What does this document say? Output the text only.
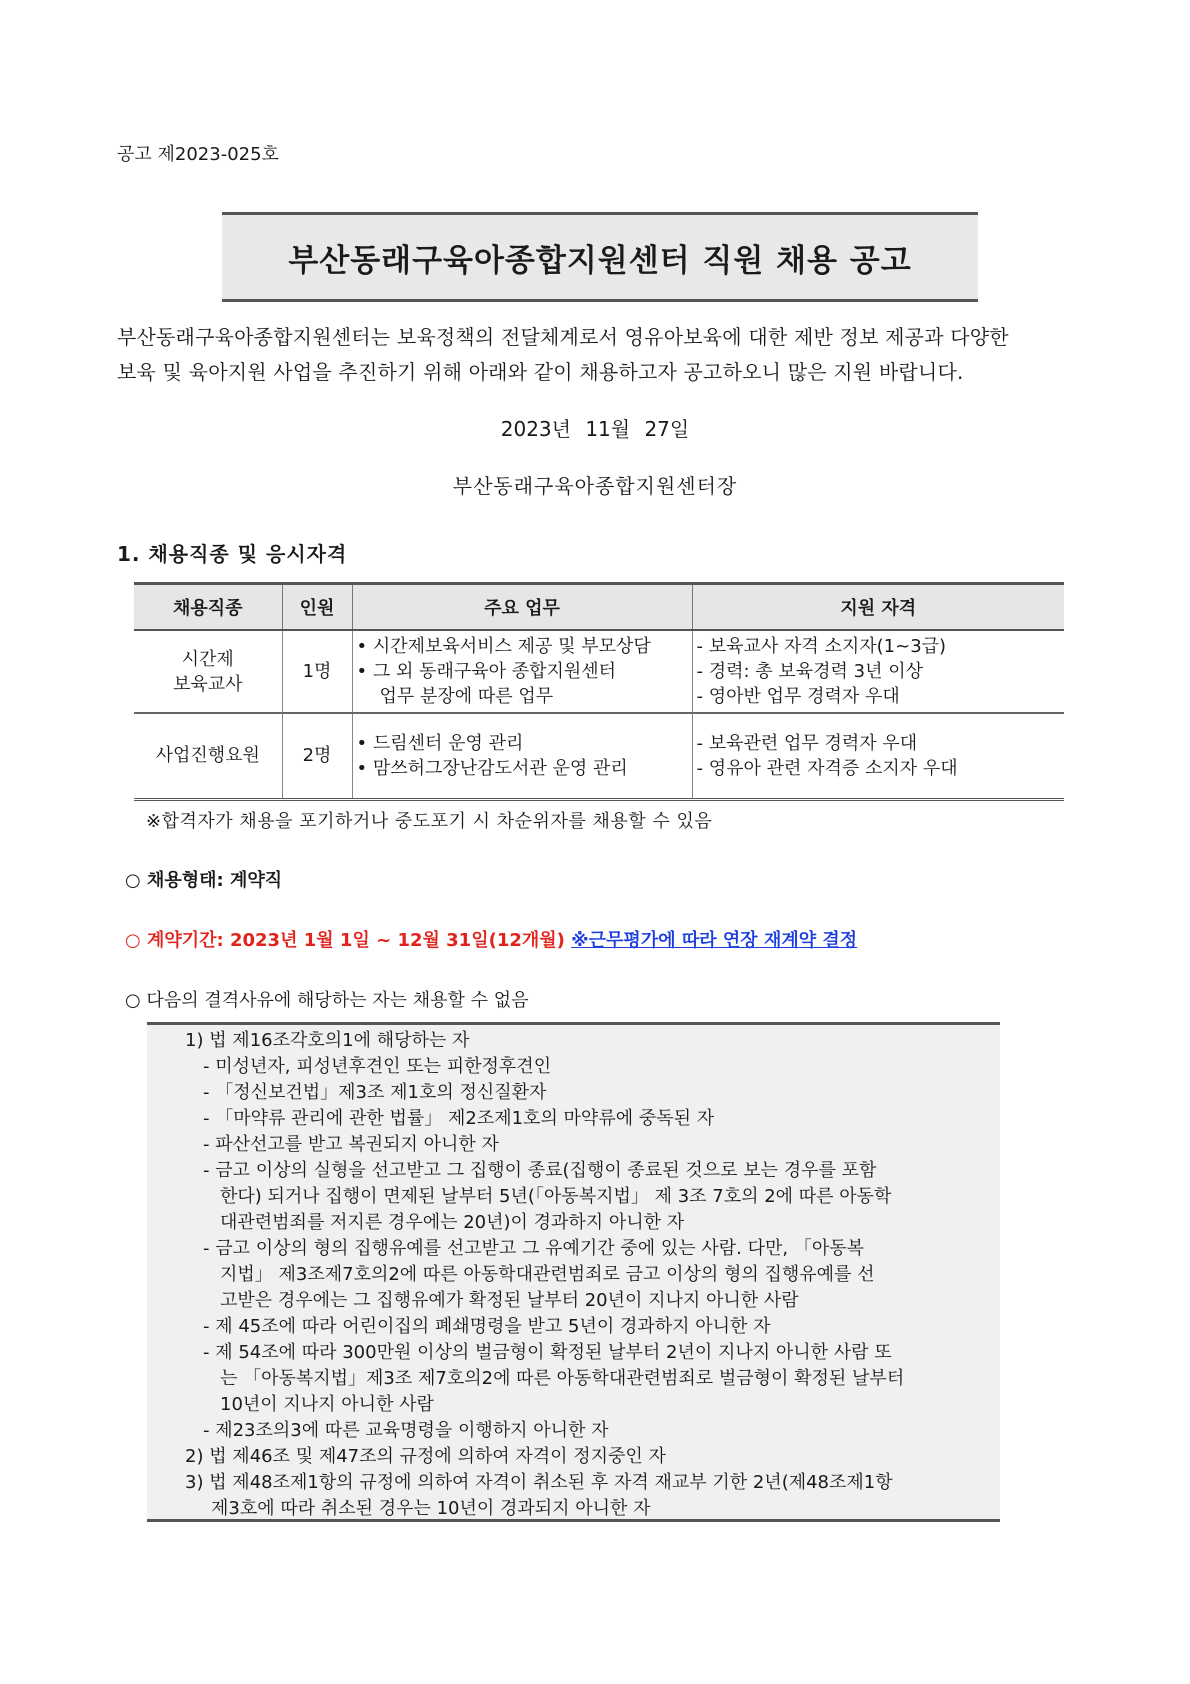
공고 제2023-025호
부산동래구육아종합지원센터 직원 채용 공고
부산동래구육아종합지원센터는 보육정책의 전달체계로서 영유아보육에 대한 제반 정보 제공과 다양한
보육 및 육아지원 사업을 추진하기 위해 아래와 같이 채용하고자 공고하오니 많은 지원 바랍니다.
2023년 11월 27일
부산동래구육아종합지원센터장
1. 채용직종 및 응시자격
채용직종	인원	주요 업무	지원 자격

시간제
보육교사	1명	• 시간제보육서비스 제공 및 부모상담
• 그 외 동래구육아 종합지원센터
업무 분장에 따른 업무	- 보육교사 자격 소지자(1~3급)
- 경력: 총 보육경력 3년 이상
- 영아반 업무 경력자 우대

사업진행요원	2명	• 드림센터 운영 관리
• 맘쓰허그장난감도서관 운영 관리	- 보육관련 업무 경력자 우대
- 영유아 관련 자격증 소지자 우대
※합격자가 채용을 포기하거나 중도포기 시 차순위자를 채용할 수 있음
○ 채용형태: 계약직
○ 계약기간: 2023년 1월 1일 ~ 12월 31일(12개월) ※근무평가에 따라 연장 재계약 결정
○ 다음의 결격사유에 해당하는 자는 채용할 수 없음
1) 법 제16조각호의1에 해당하는 자
- 미성년자, 피성년후견인 또는 피한정후견인
- 「정신보건법」제3조 제1호의 정신질환자
- 「마약류 관리에 관한 법률」 제2조제1호의 마약류에 중독된 자
- 파산선고를 받고 복권되지 아니한 자
- 금고 이상의 실형을 선고받고 그 집행이 종료(집행이 종료된 것으로 보는 경우를 포함
한다) 되거나 집행이 면제된 날부터 5년(「아동복지법」 제 3조 7호의 2에 따른 아동학
대관련범죄를 저지른 경우에는 20년)이 경과하지 아니한 자
- 금고 이상의 형의 집행유예를 선고받고 그 유예기간 중에 있는 사람. 다만, 「아동복
지법」 제3조제7호의2에 따른 아동학대관련범죄로 금고 이상의 형의 집행유예를 선
고받은 경우에는 그 집행유예가 확정된 날부터 20년이 지나지 아니한 사람
- 제 45조에 따라 어린이집의 폐쇄명령을 받고 5년이 경과하지 아니한 자
- 제 54조에 따라 300만원 이상의 벌금형이 확정된 날부터 2년이 지나지 아니한 사람 또
는 「아동복지법」제3조 제7호의2에 따른 아동학대관련범죄로 벌금형이 확정된 날부터
10년이 지나지 아니한 사람
- 제23조의3에 따른 교육명령을 이행하지 아니한 자
2) 법 제46조 및 제47조의 규정에 의하여 자격이 정지중인 자
3) 법 제48조제1항의 규정에 의하여 자격이 취소된 후 자격 재교부 기한 2년(제48조제1항
제3호에 따라 취소된 경우는 10년이 경과되지 아니한 자
